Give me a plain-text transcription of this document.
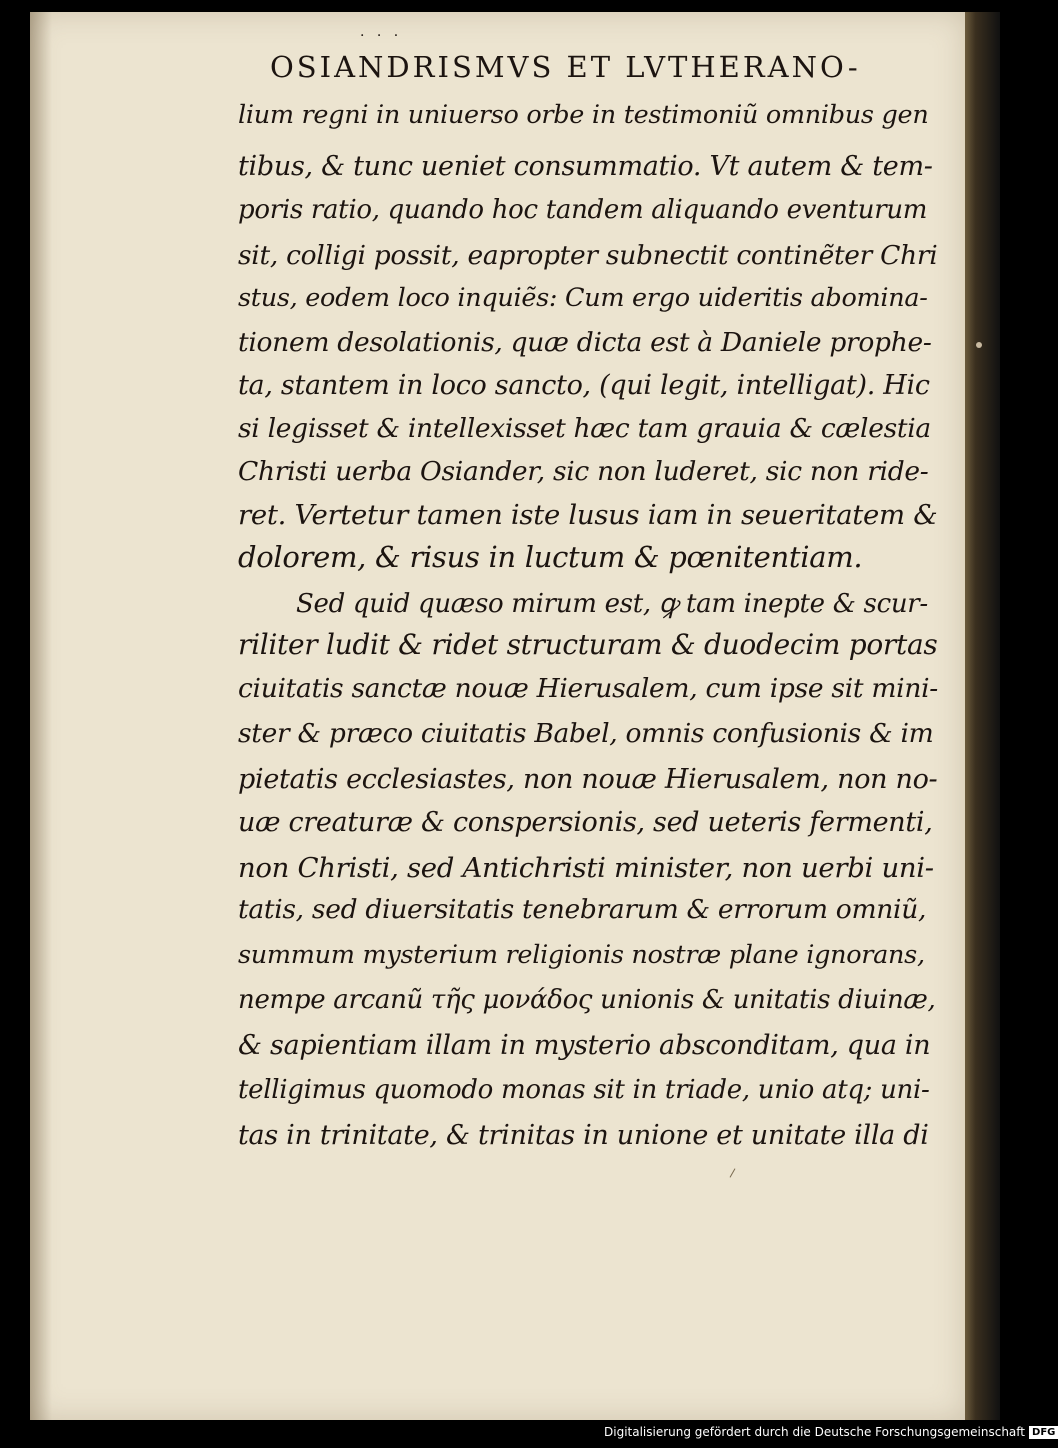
· · ·
OSIANDRISMVS ET LVTHERANO-
lium regni in uniuerso orbe in testimoniũ omnibus gen
tibus, & tunc ueniet consummatio. Vt autem & tem-
poris ratio, quando hoc tandem aliquando eventurum
sit, colligi possit, eapropter subnectit continẽter Chri
stus, eodem loco inquiẽs: Cum ergo uideritis abomina-
tionem desolationis, quæ dicta est à Daniele prophe-
ta, stantem in loco sancto, (qui legit, intelligat). Hic
si legisset & intellexisset hæc tam grauia & cælestia
Christi uerba Osiander, sic non luderet, sic non ride-
ret. Vertetur tamen iste lusus iam in seueritatem &
dolorem, & risus in luctum & pœnitentiam.
Sed quid quæso mirum est, ꝙ tam inepte & scur-
riliter ludit & ridet structuram & duodecim portas
ciuitatis sanctæ nouæ Hierusalem, cum ipse sit mini-
ster & præco ciuitatis Babel, omnis confusionis & im
pietatis ecclesiastes, non nouæ Hierusalem, non no-
uæ creaturæ & conspersionis, sed ueteris fermenti,
non Christi, sed Antichristi minister, non uerbi uni-
tatis, sed diuersitatis tenebrarum & errorum omniũ,
summum mysterium religionis nostræ plane ignorans,
nempe arcanũ τῆς μονάδος unionis & unitatis diuinæ,
& sapientiam illam in mysterio absconditam, qua in
telligimus quomodo monas sit in triade, unio atq; uni-
tas in trinitate, & trinitas in unione et unitate illa di
Digitalisierung gefördert durch die Deutsche Forschungsgemeinschaft DFG
